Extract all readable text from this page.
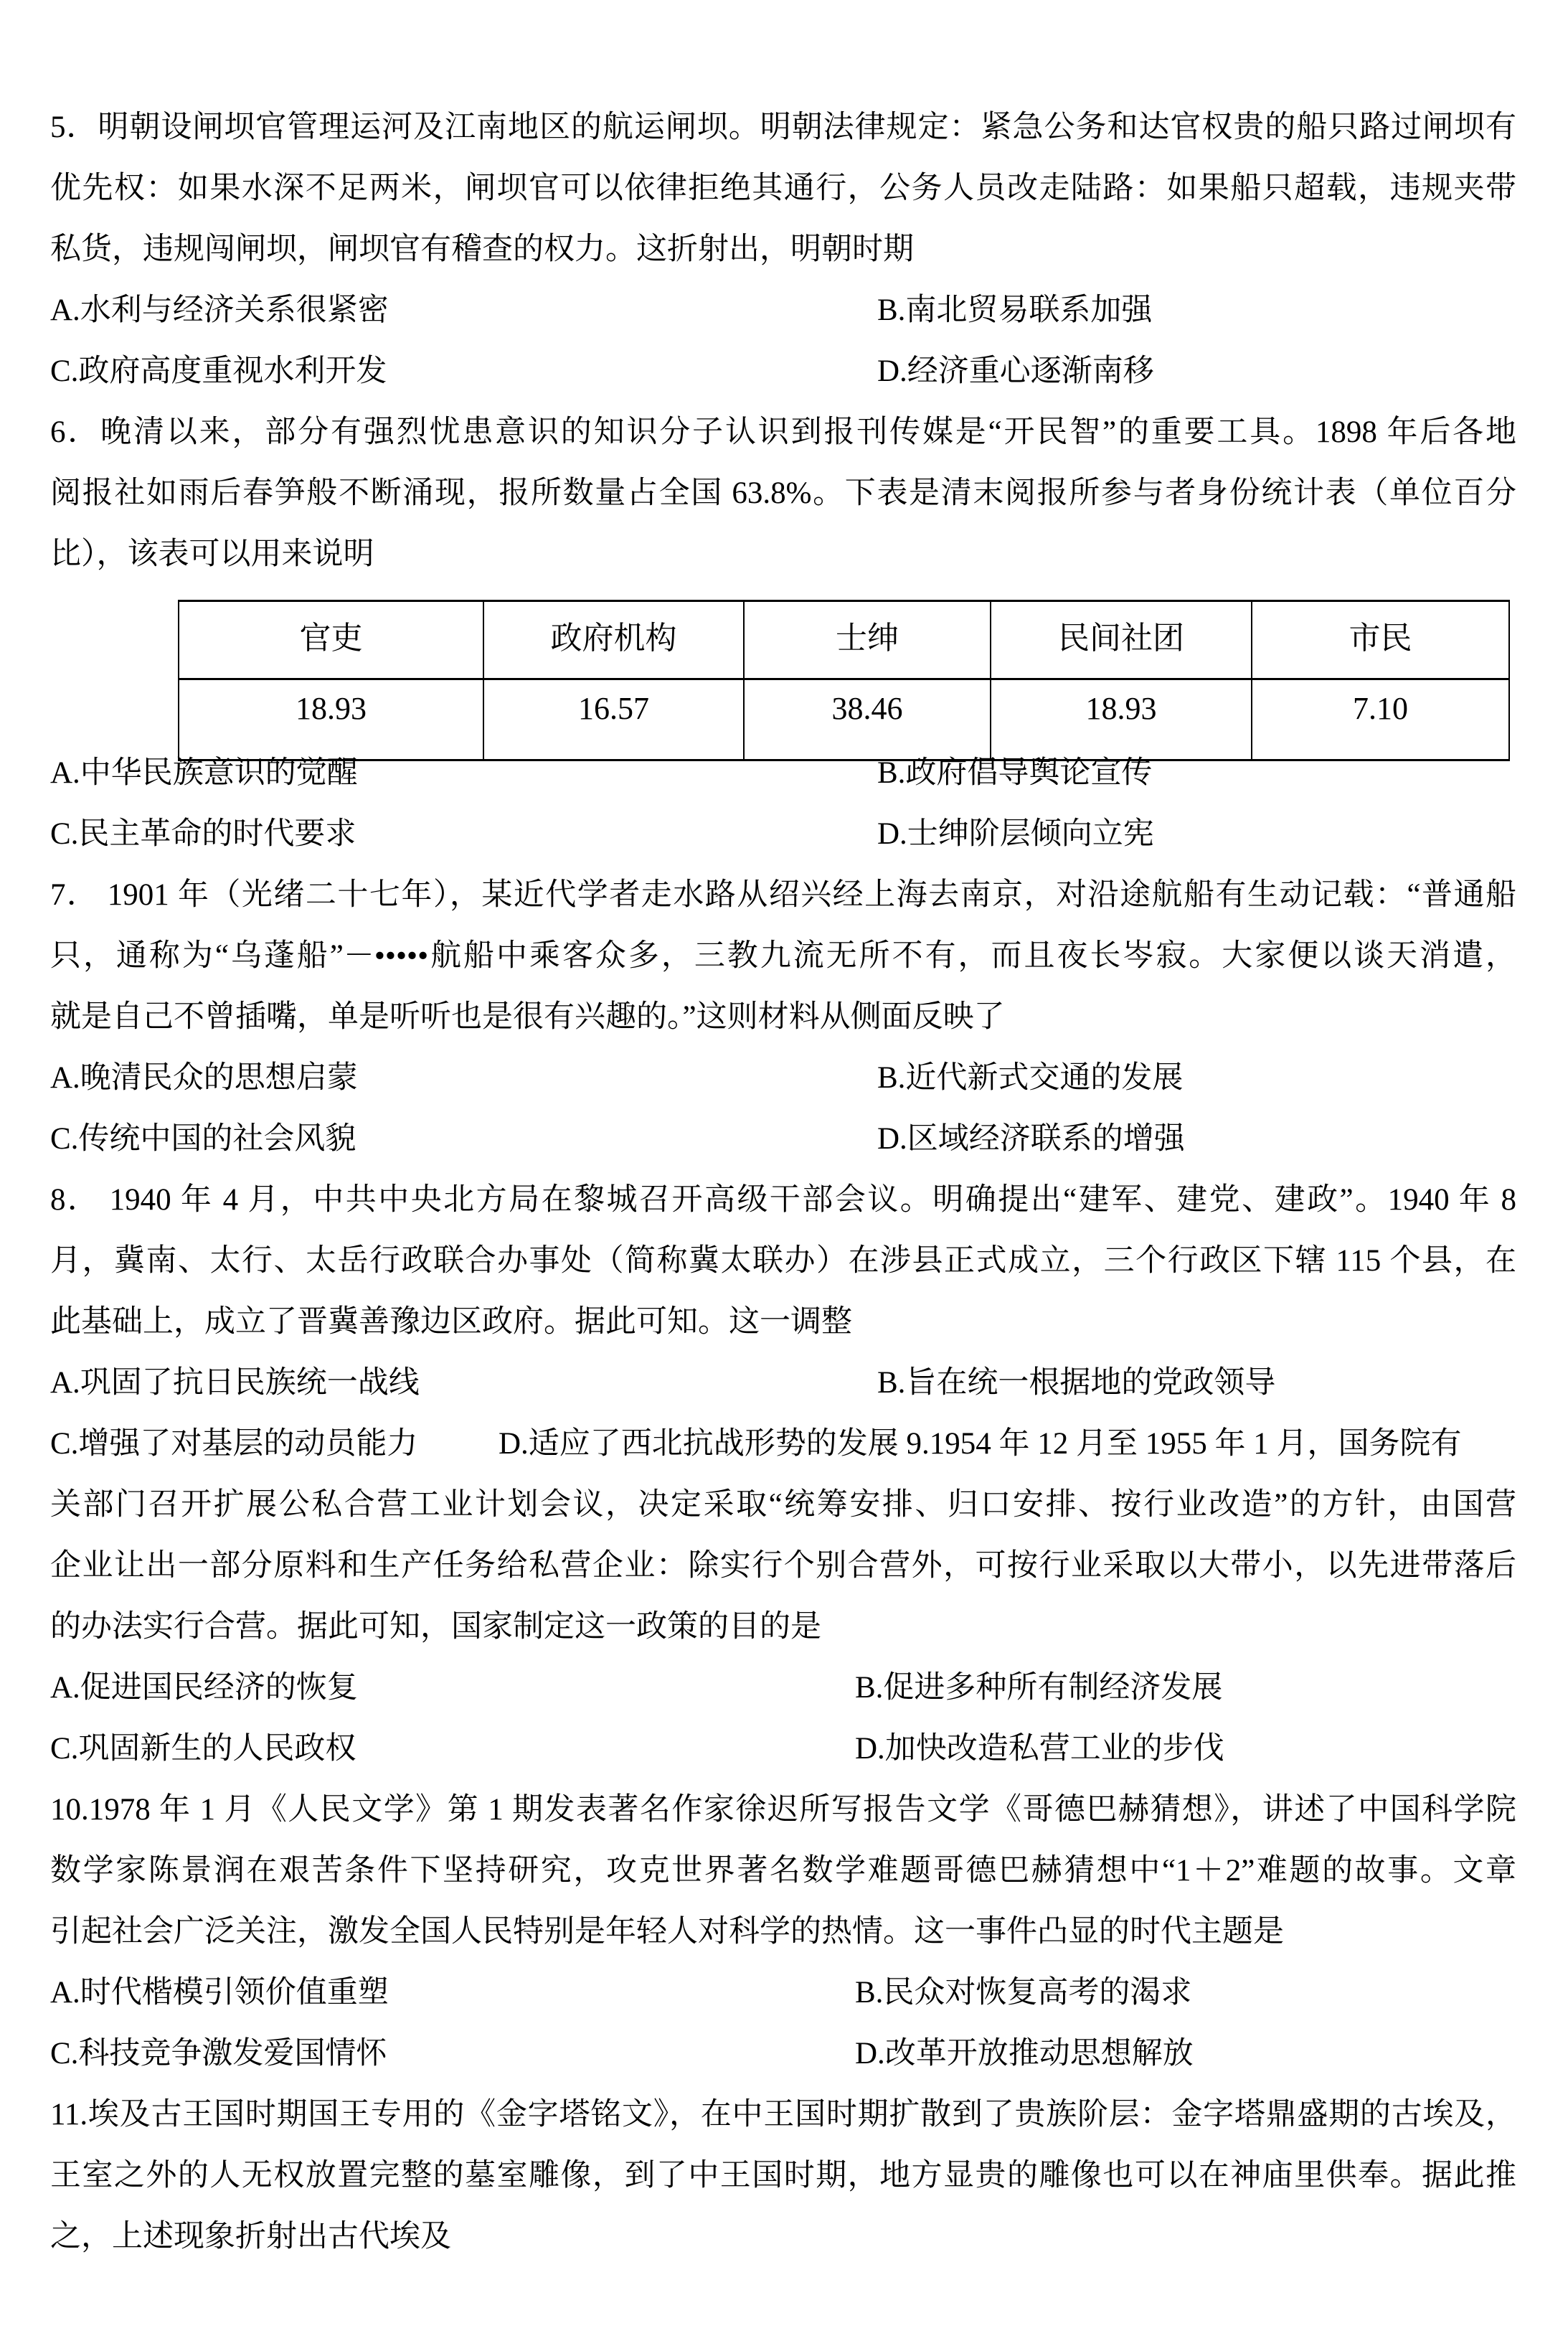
5．明朝设闸坝官管理运河及江南地区的航运闸坝。明朝法律规定：紧急公务和达官权贵的船只路过闸坝有
优先权：如果水深不足两米，闸坝官可以依律拒绝其通行，公务人员改走陆路：如果船只超载，违规夹带
私货，违规闯闸坝，闸坝官有稽查的权力。这折射出，明朝时期
A.水利与经济关系很紧密	B.南北贸易联系加强
C.政府高度重视水利开发	D.经济重心逐渐南移
6．晚清以来，部分有强烈忧患意识的知识分子认识到报刊传媒是“开民智”的重要工具。1898 年后各地
阅报社如雨后春笋般不断涌现，报所数量占全国 63.8%。下表是清末阅报所参与者身份统计表（单位百分
比），该表可以用来说明
官吏	政府机构	士绅	民间社团	市民
18.93	16.57	38.46	18.93	7.10
A.中华民族意识的觉醒	B.政府倡导舆论宣传
C.民主革命的时代要求	D.士绅阶层倾向立宪
7． 1901 年（光绪二十七年），某近代学者走水路从绍兴经上海去南京，对沿途航船有生动记载：“普通船
只，通称为“乌蓬船”－•••••航船中乘客众多，三教九流无所不有，而且夜长岑寂。大家便以谈天消遣，
就是自己不曾插嘴，单是听听也是很有兴趣的。”这则材料从侧面反映了
A.晚清民众的思想启蒙	B.近代新式交通的发展
C.传统中国的社会风貌	D.区域经济联系的增强
8． 1940 年 4 月，中共中央北方局在黎城召开高级干部会议。明确提出“建军、建党、建政”。1940 年 8
月，冀南、太行、太岳行政联合办事处（简称冀太联办）在涉县正式成立，三个行政区下辖 115 个县，在
此基础上，成立了晋冀善豫边区政府。据此可知。这一调整
A.巩固了抗日民族统一战线	B.旨在统一根据地的党政领导
C.增强了对基层的动员能力	D.适应了西北抗战形势的发展 9.1954 年 12 月至 1955 年 1 月，国务院有
关部门召开扩展公私合营工业计划会议，决定采取“统筹安排、归口安排、按行业改造”的方针，由国营
企业让出一部分原料和生产任务给私营企业：除实行个别合营外，可按行业采取以大带小，以先进带落后
的办法实行合营。据此可知，国家制定这一政策的目的是
A.促进国民经济的恢复	B.促进多种所有制经济发展
C.巩固新生的人民政权	D.加快改造私营工业的步伐
10.1978 年 1 月《人民文学》第 1 期发表著名作家徐迟所写报告文学《哥德巴赫猜想》，讲述了中国科学院
数学家陈景润在艰苦条件下坚持研究，攻克世界著名数学难题哥德巴赫猜想中“1＋2”难题的故事。文章
引起社会广泛关注，激发全国人民特别是年轻人对科学的热情。这一事件凸显的时代主题是
A.时代楷模引领价值重塑	B.民众对恢复高考的渴求
C.科技竞争激发爱国情怀	D.改革开放推动思想解放
11.埃及古王国时期国王专用的《金字塔铭文》，在中王国时期扩散到了贵族阶层：金字塔鼎盛期的古埃及，
王室之外的人无权放置完整的墓室雕像，到了中王国时期，地方显贵的雕像也可以在神庙里供奉。据此推
之，上述现象折射出古代埃及
